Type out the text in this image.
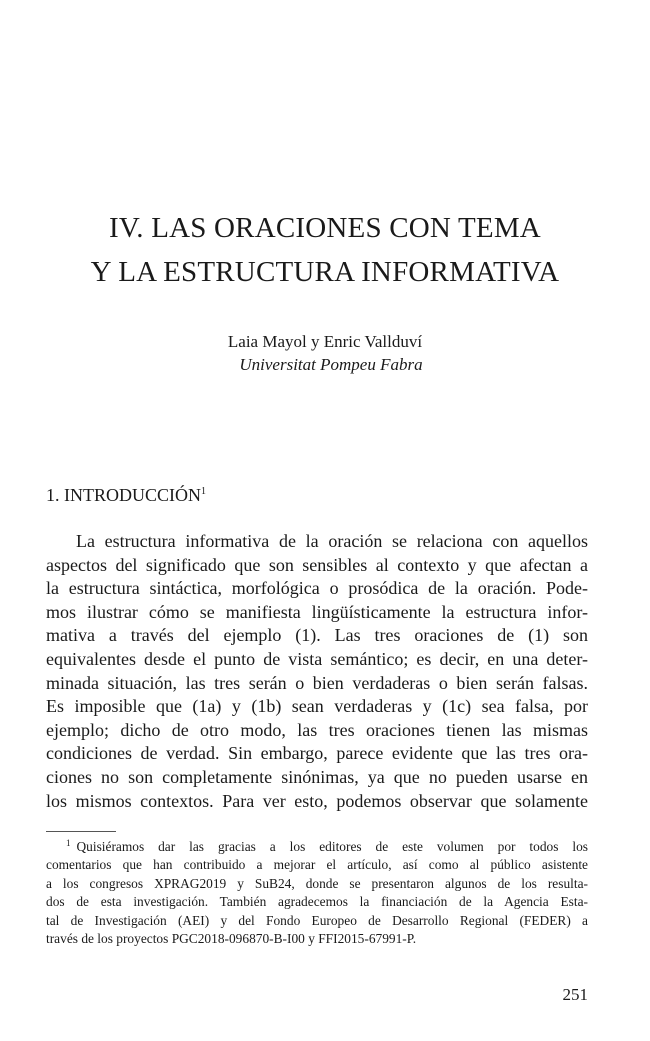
IV. LAS ORACIONES CON TEMA
Y LA ESTRUCTURA INFORMATIVA
Laia Mayol y Enric Vallduví
Universitat Pompeu Fabra
1. INTRODUCCIÓN$^1$
La estructura informativa de la oración se relaciona con aquellos
aspectos del significado que son sensibles al contexto y que afectan a
la estructura sintáctica, morfológica o prosódica de la oración. Pode-
mos ilustrar cómo se manifiesta lingüísticamente la estructura infor-
mativa a través del ejemplo (1). Las tres oraciones de (1) son
equivalentes desde el punto de vista semántico; es decir, en una deter-
minada situación, las tres serán o bien verdaderas o bien serán falsas.
Es imposible que (1a) y (1b) sean verdaderas y (1c) sea falsa, por
ejemplo; dicho de otro modo, las tres oraciones tienen las mismas
condiciones de verdad. Sin embargo, parece evidente que las tres ora-
ciones no son completamente sinónimas, ya que no pueden usarse en
los mismos contextos. Para ver esto, podemos observar que solamente
$^1$ Quisiéramos dar las gracias a los editores de este volumen por todos los
comentarios que han contribuido a mejorar el artículo, así como al público asistente
a los congresos XPRAG2019 y SuB24, donde se presentaron algunos de los resulta-
dos de esta investigación. También agradecemos la financiación de la Agencia Esta-
tal de Investigación (AEI) y del Fondo Europeo de Desarrollo Regional (FEDER) a
través de los proyectos PGC2018-096870-B-I00 y FFI2015-67991-P.
251
